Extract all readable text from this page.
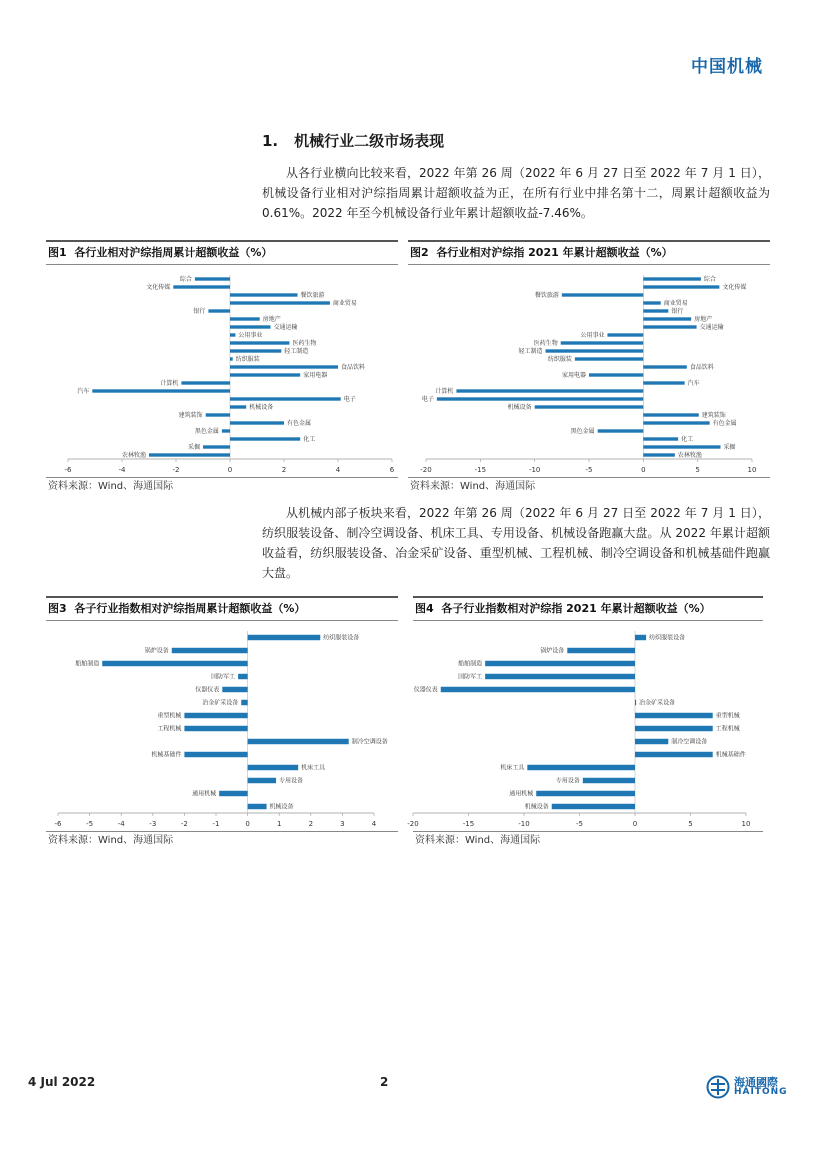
中国机械
1. 机械行业二级市场表现
从各行业横向比较来看，2022 年第 26 周（2022 年 6 月 27 日至 2022 年 7 月 1 日），机械设备行业相对沪综指周累计超额收益为正，在所有行业中排名第十二，周累计超额收益为 0.61%。2022 年至今机械设备行业年累计超额收益-7.46%。
图1 各行业相对沪综指周累计超额收益（%）
综合
文化传媒
餐饮旅游
商业贸易
银行
房地产
交通运输
公用事业
医药生物
轻工制造
纺织服装
食品饮料
家用电器
计算机
汽车
电子
机械设备
建筑装饰
有色金属
黑色金属
化工
采掘
农林牧渔
-6	-4	-2	0	2	4	6
资料来源：Wind、海通国际
图2 各行业相对沪综指 2021 年累计超额收益（%）
综合
文化传媒
餐饮旅游
商业贸易
银行
房地产
交通运输
公用事业
医药生物
轻工制造
纺织服装
食品饮料
家用电器
汽车
计算机
电子
机械设备
建筑装饰
有色金属
黑色金属
化工
采掘
农林牧渔
-20	-15	-10	-5	0	5	10
资料来源：Wind、海通国际
从机械内部子板块来看，2022 年第 26 周（2022 年 6 月 27 日至 2022 年 7 月 1 日），纺织服装设备、制冷空调设备、机床工具、专用设备、机械设备跑赢大盘。从 2022 年累计超额收益看，纺织服装设备、冶金采矿设备、重型机械、工程机械、制冷空调设备和机械基础件跑赢大盘。
图3 各子行业指数相对沪综指周累计超额收益（%）
纺织服装设备
锅炉设备
船舶制造
国防军工
仪器仪表
冶金矿采设备
重型机械
工程机械
制冷空调设备
机械基础件
机床工具
专用设备
通用机械
机械设备
-6	-5	-4	-3	-2	-1	0	1	2	3	4
资料来源：Wind、海通国际
图4 各子行业指数相对沪综指 2021 年累计超额收益（%）
纺织服装设备
锅炉设备
船舶制造
国防军工
仪器仪表
冶金矿采设备
重型机械
工程机械
制冷空调设备
机械基础件
机床工具
专用设备
通用机械
机械设备
-20	-15	-10	-5	0	5	10
资料来源：Wind、海通国际
4 Jul 2022	2	海通國際
HAITONG
